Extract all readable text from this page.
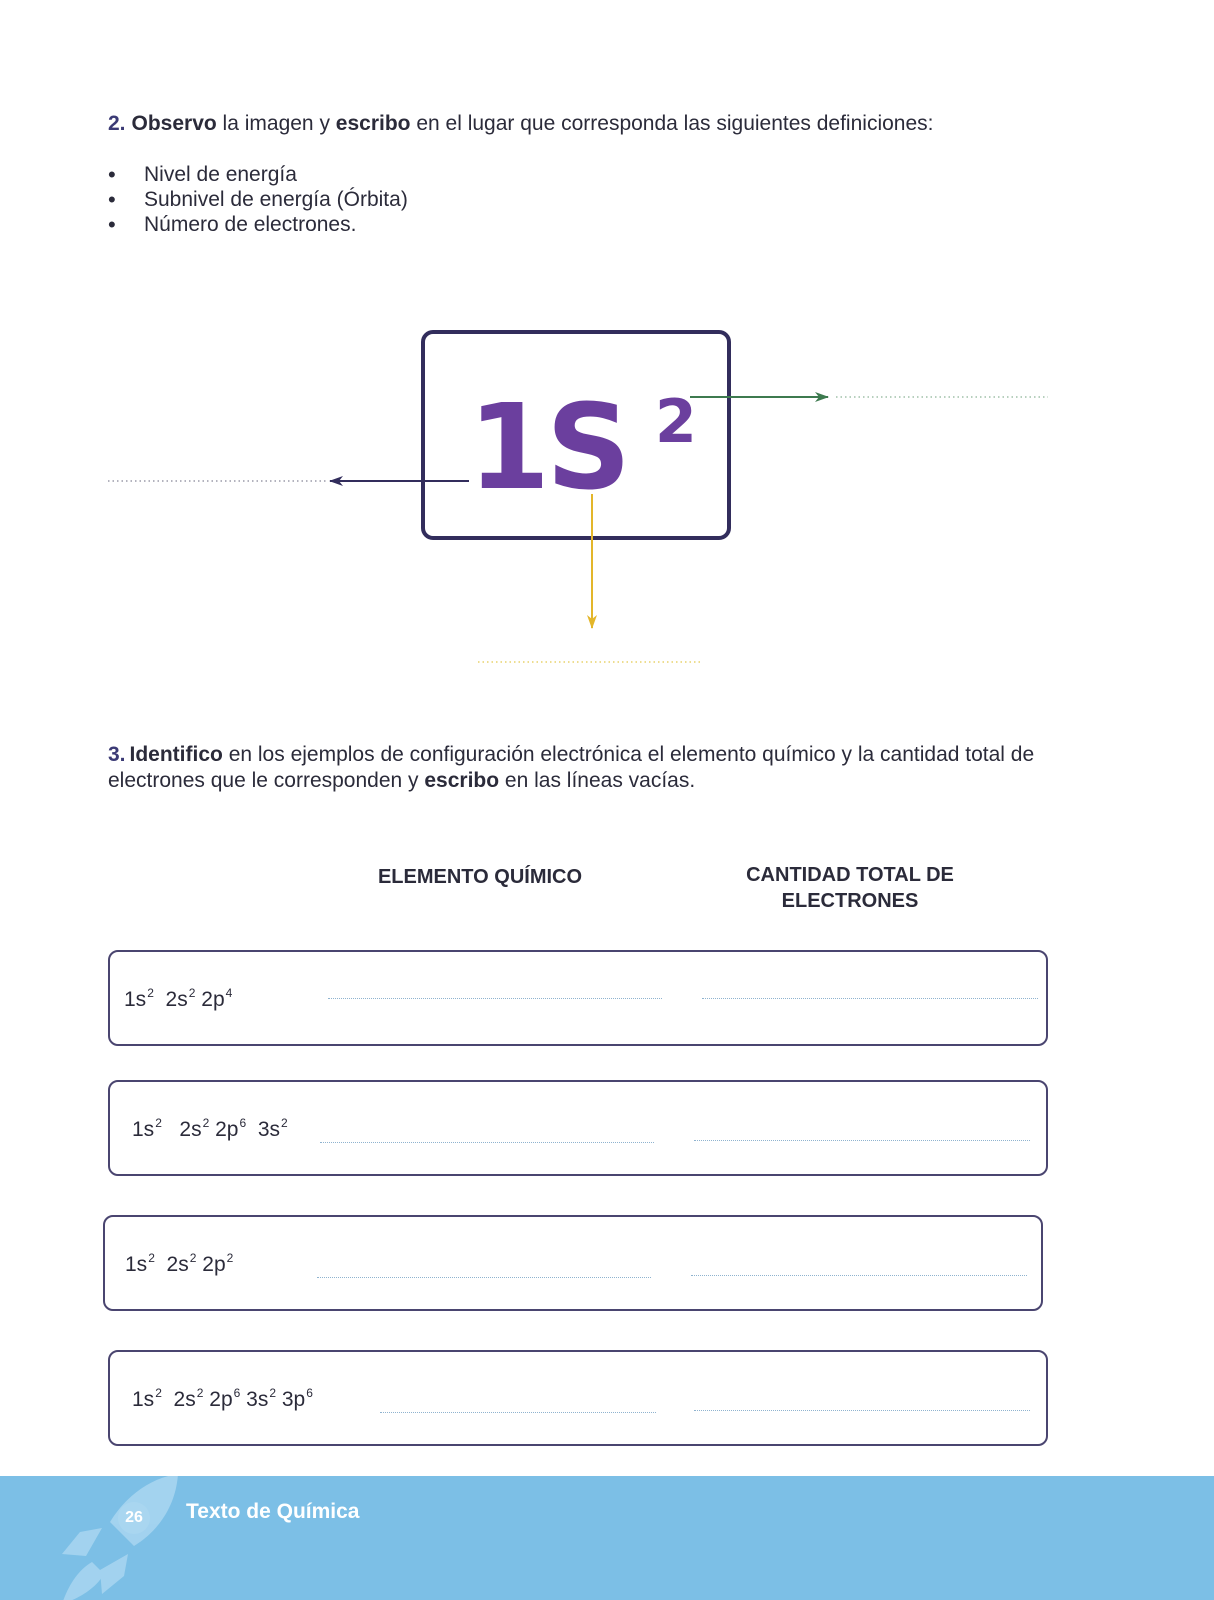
2. Observo la imagen y escribo en el lugar que corresponda las siguientes definiciones:
• Nivel de energía
• Subnivel de energía (Órbita)
• Número de electrones.
1S 2
3. Identifico en los ejemplos de configuración electrónica el elemento químico y la cantidad total de electrones que le corresponden y escribo en las líneas vacías.
ELEMENTO QUÍMICO	CANTIDAD TOTAL DE
ELECTRONES
$1s^2$ $2s^2$ $2p^4$
$1s^2$ $2s^2$ $2p^6$ $3s^2$
$1s^2$ $2s^2$ $2p^2$
$1s^2$ $2s^2$ $2p^6$ $3s^2$ $3p^6$
26	Texto de Química
